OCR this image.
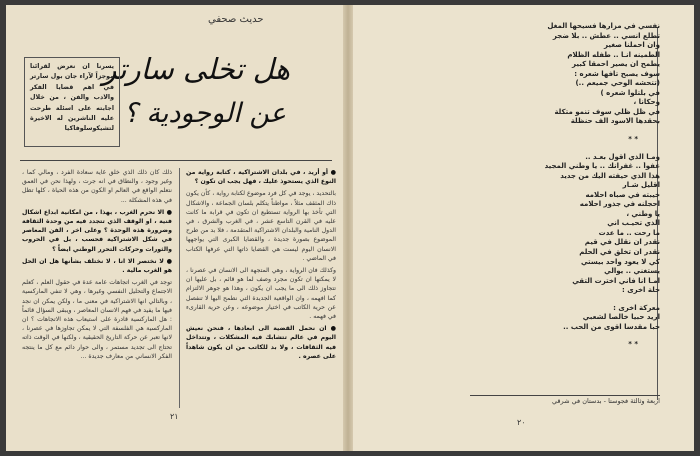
حديث صحفي
هل تخلى سارتر
عن الوجودية ؟
يسرنا ان نعرض لقرائنا موجزاً لآراء جان بول سارتر في اهم قضايا الفكر والادب والفن ، من خلال اجابته على اسئلة طرحت عليه الناشرين له الاخيرة لتشيكوسلوفاكيا

● أو أريد ، في بلدان الاشتراكية ، كتابة رواية من النوع الذي يستحوذ عليك ، فهل يجب ان تكون ؟

بالتحديد ، يوجد في كل فرد موضوع لكتابة رواية ، كأن يكون ذاك المثقف مثلاً ، مواطناً يتكلم بلسان الجماعة ، والاشكال التي تأخذ بها الرواية تستطيع ان تكون في قرابة ما كانت عليه في القرن التاسع عشر ، في الغرب والشرق ، في الدول النامية والبلدان الاشتراكية المتقدمة ، فلا بد من طرح الموضوع بصورة جديدة ، والقضايا الكبرى التي يواجهها الانسان اليوم ليست هي القضايا ذاتها التي عرفها الكتاب في الماضي .

وكذلك فان الرواية ، وهي المتجهة الى الانسان في عصرنا ، لا يمكنها ان تكون مجرد وصف لما هو قائم ، بل عليها ان تتجاوز ذلك الى ما يجب ان يكون ، وهذا هو جوهر الالتزام كما افهمه ، وان الواقعية الجديدة التي نطمح اليها لا تنفصل عن حرية الكاتب في اختيار موضوعه ، وعن حرية القارىء في فهمه .

● ان نحمل القضية الى ابعادها ، فنحن نعيش اليوم في عالم تتشابك فيه المشكلات ، وتتداخل فيه الثقافات ، ولا بد للكاتب من ان يكون شاهداً على عصره .

ذلك كان ذلك الذي خلق غاية سعادة الفرد ، ومالي كما ، وغير وجود ، والنطاق في انه جرت ، ولهذا نحن في العمق نتعلم الواقع في العالم او الكون من هذه الحياة ، كلها تظل في هذه المشكلة ...

● الا نحرم الغرب ، بهذا ، من امكانية ابداع اشكال فنية ، او الوقف الذي تتجدد فيه من وحدة الثقافة وضرورة هذه الوحدة ؟ وعلى اخر ، الفن المعاصر في شكل الاشتراكية فحسب ، بل في الحروب والثورات وحركات التحرر الوطني ايضاً ؟

● لا نختصر الا انا ، لا نختلف بشأنها هل ان الحل هو الغرب مالية .

توجد في الغرب اتجاهات عامة عدة في حقول العلم ، كعلم الاجتماع والتحليل النفسي وغيرها ، وهي لا تنفي الماركسية ، وبالتالي انها الاشتراكية في معنى ما ، ولكن يمكن ان نجد فيها ما يفيد في فهم الانسان المعاصر ، ويبقى السؤال قائماً : هل الماركسية قادرة على استيعاب هذه الاتجاهات ؟ ان الماركسية هي الفلسفة التي لا يمكن تجاوزها في عصرنا ، لانها تعبر عن حركة التاريخ الحقيقية ، ولكنها في الوقت ذاته تحتاج الى تجديد مستمر ، والى حوار دائم مع كل ما ينتجه الفكر الانساني من معارف جديدة ...

٢١
نفسي في مزارها فسيحها المغل
تطلع انسي .. عطش .. بلا ضجر
وان احملنا صغير
الطمينه انـا .. طفله الظلام
يطمح ان يصير احمقا كبير
سوف يصبح تافها شعره :
(تتحشه الوحي جميعم ..)
في بلتلوا شعره )
وحكانا ،
في ظل ظلي سوف تنمو متكلة
بحقدها الاسود الف حنظلة
* *
ومـا الذي اقول بعـد ..
عفواً .. غفرانك .. يا وطني المجيد
هذا الذي حيفته اليك من جديد
اقليل شـار
خيبته في صباه احلامه
احجلنه في جذور احلامه
يا وطني ،
الذي تحيـب اني
ما رحت .. ما عدت
نقدر ان نقلل في قيم
نقدر ان تخلق في الحلم
كي لا يعود واحد بيستي
يستغني .. يوالي
امـا انا فاني اخترت التقي
حلة اخرى :
معركة اخرى :
اريد حبيا خالصا لشعبي
حبا مقدسا اقوى من الحب ..
* *
اربعة وثالثة فجوستا - بدستان في شرقي
٢٠
